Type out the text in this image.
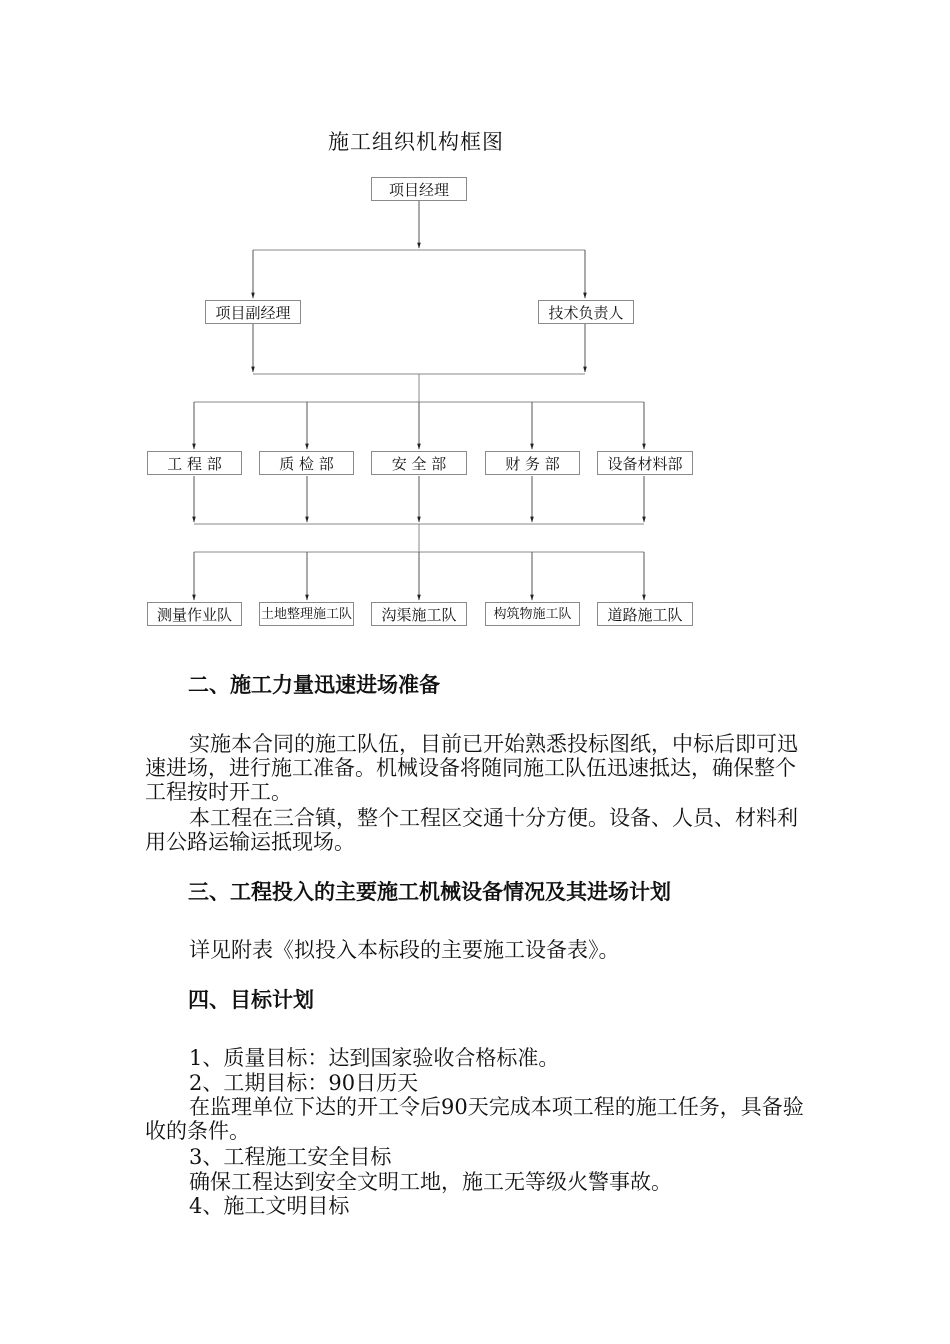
施工组织机构框图
项目经理
项目副经理	技术负责人
工 程 部	质 检 部	安 全 部	财 务 部	设备材料部
测量作业队	土地整理施工队	沟渠施工队	构筑物施工队	道路施工队
二、施工力量迅速进场准备

实施本合同的施工队伍，目前已开始熟悉投标图纸，中标后即可迅速进场，进行施工准备。机械设备将随同施工队伍迅速抵达，确保整个工程按时开工。

本工程在三合镇，整个工程区交通十分方便。设备、人员、材料利用公路运输运抵现场。

三、工程投入的主要施工机械设备情况及其进场计划

详见附表《拟投入本标段的主要施工设备表》。

四、目标计划

1、质量目标：达到国家验收合格标准。

2、工期目标：90日历天

在监理单位下达的开工令后90天完成本项工程的施工任务，具备验收的条件。

3、工程施工安全目标

确保工程达到安全文明工地，施工无等级火警事故。

4、施工文明目标
